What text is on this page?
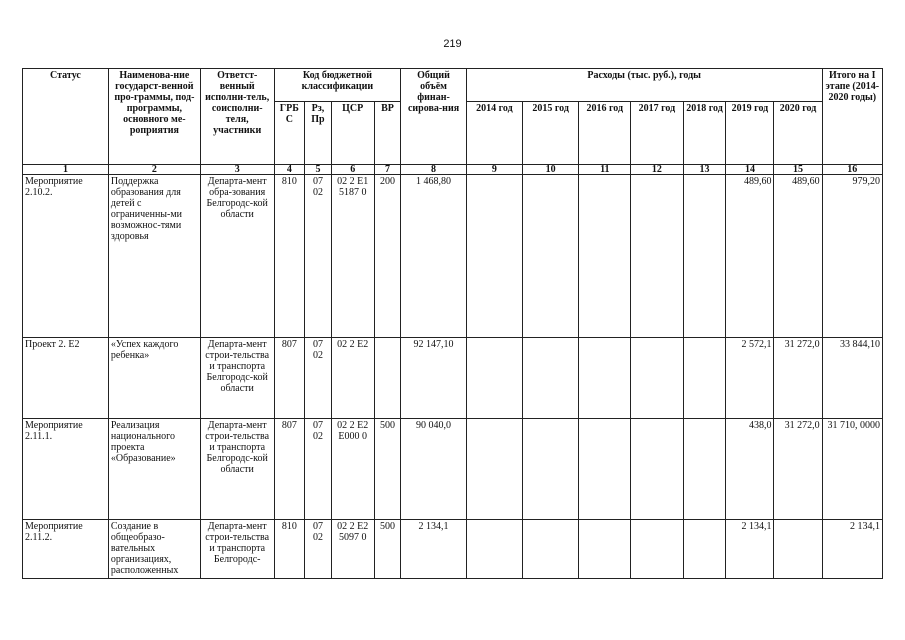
219
Статус	Наименова-ние государст-венной про-граммы, под-программы, основного ме-роприятия	Ответст-венный исполни-тель, соисполни-теля, участники	Код бюджетной классификации				Общий объём финан-сирова-ния	Расходы (тыс. руб.), годы							Итого на I этапе (2014-2020 годы)
			ГРБ С	Рз, Пр	ЦСР	ВР		2014 год	2015 год	2016 год	2017 год	2018 год	2019 год	2020 год	
1	2	3	4	5	6	7	8	9	10	11	12	13	14	15	16
Мероприятие 2.10.2.	Поддержка образования для детей с ограниченны-ми возможнос-тями здоровья	Департа-мент обра-зования Белгородс-кой области	810	07 02	02 2 E1 5187 0	200	1 468,80						489,60	489,60	979,20
Проект 2. E2	«Успех каждого ребенка»	Департа-мент строи-тельства и транспорта Белгородс-кой области	807	07 02	02 2 E2		92 147,10						2 572,1	31 272,0	33 844,10
Мероприятие 2.11.1.	Реализация национального проекта «Образование»	Департа-мент строи-тельства и транспорта Белгородс-кой области	807	07 02	02 2 E2 E000 0	500	90 040,0						438,0	31 272,0	31 710, 0000
Мероприятие 2.11.2.	Создание в общеобразо-вательных организациях, расположенных	Департа-мент строи-тельства и транспорта Белгородс-	810	07 02	02 2 E2 5097 0	500	2 134,1						2 134,1		2 134,1
